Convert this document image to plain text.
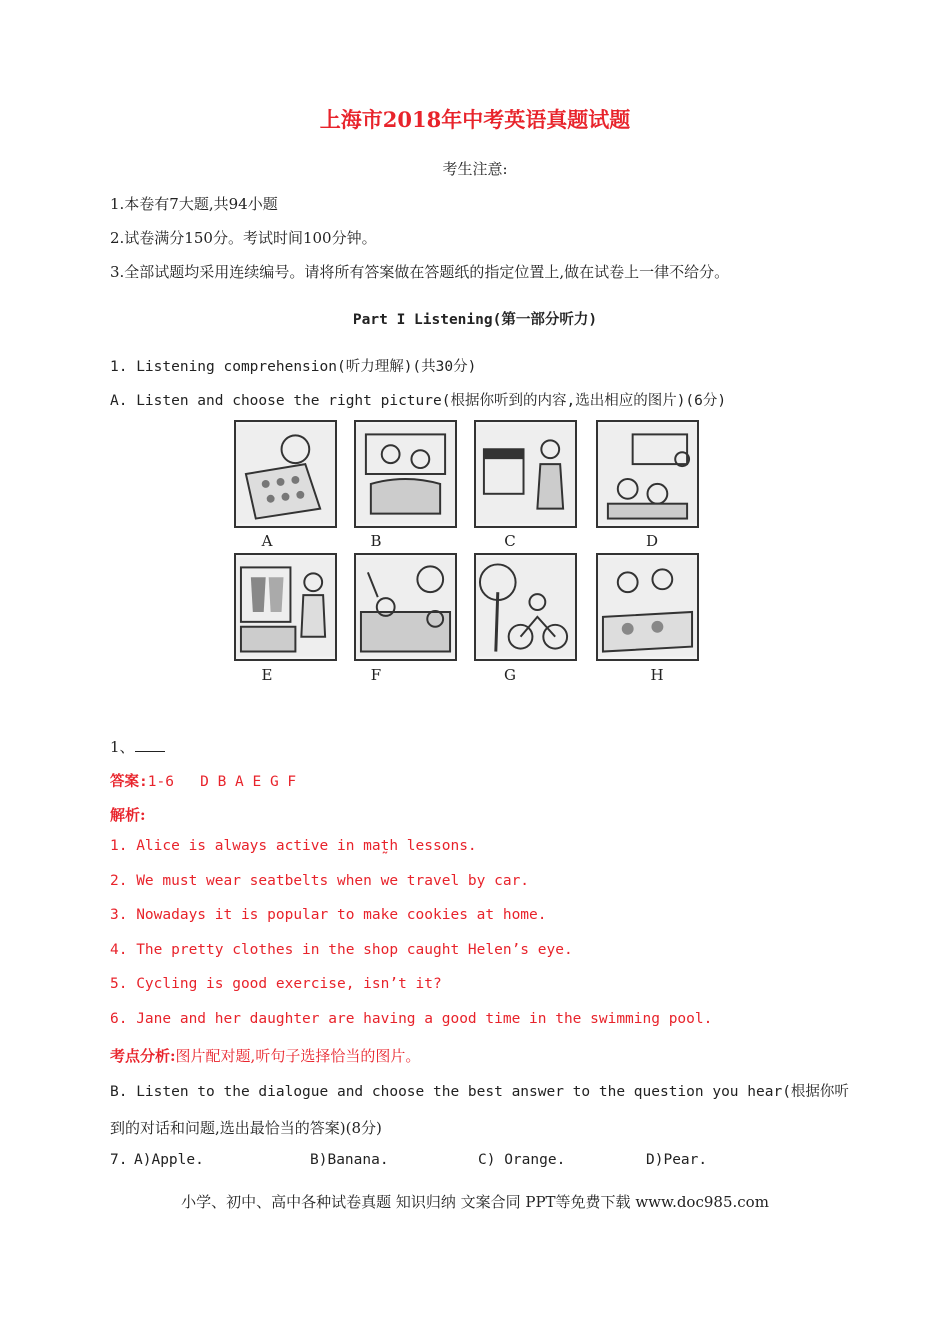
上海市2018年中考英语真题试题
考生注意:
1.本卷有7大题,共94小题
2.试卷满分150分。考试时间100分钟。
3.全部试题均采用连续编号。请将所有答案做在答题纸的指定位置上,做在试卷上一律不给分。
Part I Listening(第一部分听力)
1. Listening comprehension(听力理解)(共30分)
A. Listen and choose the right picture(根据你听到的内容,选出相应的图片)(6分)
A	B	C	D
E	F	G	H
1、
答案:1-6   D B A E G F
解析:
1. Alice is always active in mat̰h lessons.
2. We must wear seatbelts when we travel by car.
3. Nowadays it is popular to make cookies at home.
4. The pretty clothes in the shop caught Helen’s eye.
5. Cycling is good exercise, isn’t it?
6. Jane and her daughter are having a good time in the swimming pool.
考点分析:图片配对题,听句子选择恰当的图片。
B. Listen to the dialogue and choose the best answer to the question you hear(根据你听
到的对话和问题,选出最恰当的答案)(8分)
7. A)Apple.	B)Banana.	C) Orange.	D)Pear.
小学、初中、高中各种试卷真题 知识归纳 文案合同 PPT等免费下载 www.doc985.com
